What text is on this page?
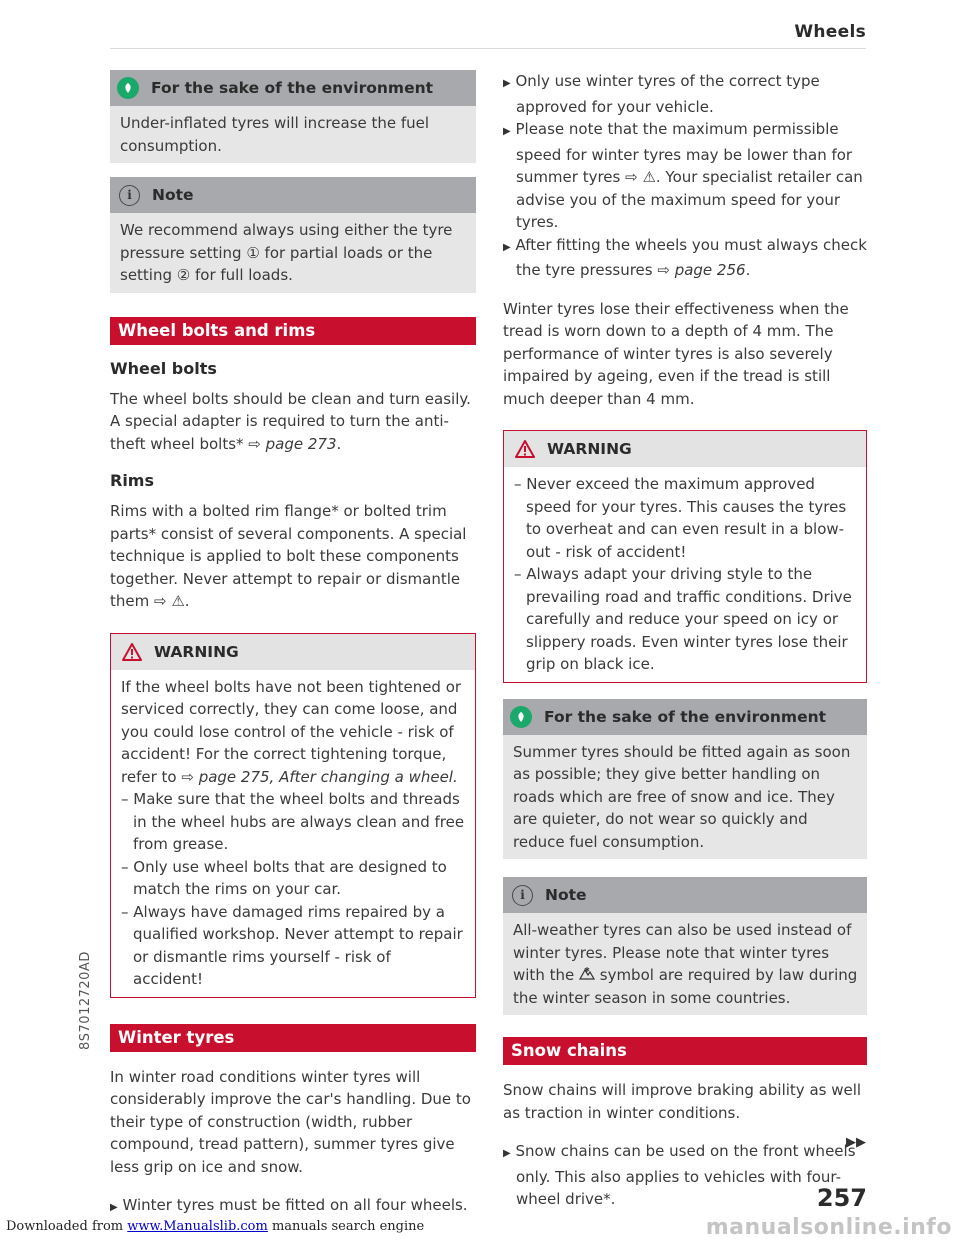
Wheels
For the sake of the environment
Under-inflated tyres will increase the fuel consumption.
i	Note
We recommend always using either the tyre pressure setting ① for partial loads or the setting ② for full loads.
Wheel bolts and rims
Wheel bolts

The wheel bolts should be clean and turn easily. A special adapter is required to turn the anti-theft wheel bolts* ⇨ page 273.

Rims

Rims with a bolted rim flange* or bolted trim parts* consist of several components. A special technique is applied to bolt these components together. Never attempt to repair or dismantle them ⇨ ⚠.

WARNING

If the wheel bolts have not been tightened or serviced correctly, they can come loose, and you could lose control of the vehicle - risk of accident! For the correct tightening torque, refer to ⇨ page 275, After changing a wheel.

– Make sure that the wheel bolts and threads in the wheel hubs are always clean and free from grease.

– Only use wheel bolts that are designed to match the rims on your car.

– Always have damaged rims repaired by a qualified workshop. Never attempt to repair or dismantle rims yourself - risk of accident!

Winter tyres

In winter road conditions winter tyres will considerably improve the car's handling. Due to their type of construction (width, rubber compound, tread pattern), summer tyres give less grip on ice and snow.

▶ Winter tyres must be fitted on all four wheels.

▶ Only use winter tyres of the correct type approved for your vehicle.

▶ Please note that the maximum permissible speed for winter tyres may be lower than for summer tyres ⇨ ⚠. Your specialist retailer can advise you of the maximum speed for your tyres.

▶ After fitting the wheels you must always check the tyre pressures ⇨ page 256.

Winter tyres lose their effectiveness when the tread is worn down to a depth of 4 mm. The performance of winter tyres is also severely impaired by ageing, even if the tread is still much deeper than 4 mm.

WARNING

– Never exceed the maximum approved speed for your tyres. This causes the tyres to overheat and can even result in a blow-out - risk of accident!

– Always adapt your driving style to the prevailing road and traffic conditions. Drive carefully and reduce your speed on icy or slippery roads. Even winter tyres lose their grip on black ice.

For the sake of the environment
Summer tyres should be fitted again as soon as possible; they give better handling on roads which are free of snow and ice. They are quieter, do not wear so quickly and reduce fuel consumption.
i	Note
All-weather tyres can also be used instead of winter tyres. Please note that winter tyres with the  symbol are required by law during the winter season in some countries.
Snow chains

Snow chains will improve braking ability as well as traction in winter conditions.

▶ Snow chains can be used on the front wheels only. This also applies to vehicles with four-wheel drive*.

▶▶
8S7012720AD
257
Downloaded from www.Manualslib.com manuals search engine	manualsonline.info
